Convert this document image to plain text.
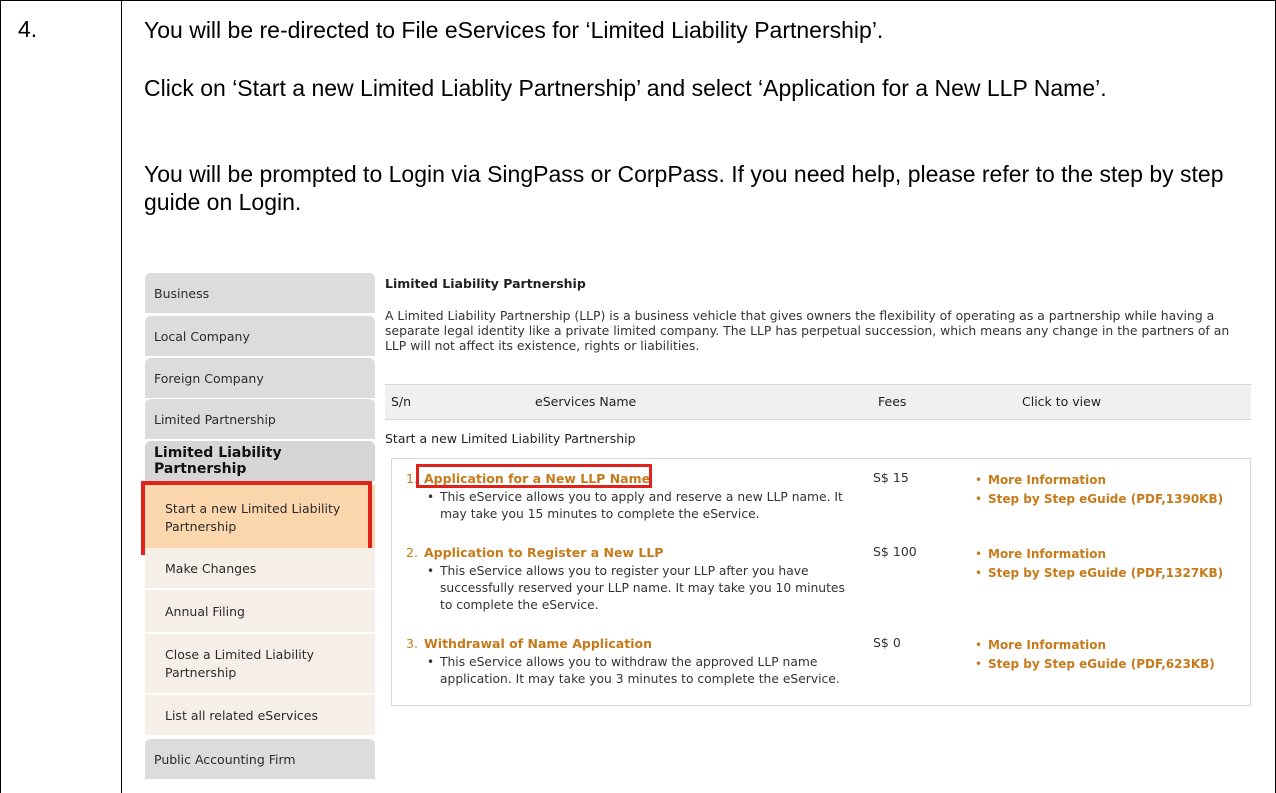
4.	You will be re-directed to File eServices for ‘Limited Liability Partnership’.
Click on ‘Start a new Limited Liablity Partnership’ and select ‘Application for a New LLP Name’.
You will be prompted to Login via SingPass or CorpPass. If you need help, please refer to the step by step guide on Login.
Business
Local Company
Foreign Company
Limited Partnership
Limited Liability Partnership
Start a new Limited Liability Partnership
Make Changes
Annual Filing
Close a Limited Liability Partnership
List all related eServices
Public Accounting Firm
Limited Liability Partnership
A Limited Liability Partnership (LLP) is a business vehicle that gives owners the flexibility of operating as a partnership while having a separate legal identity like a private limited company. The LLP has perpetual succession, which means any change in the partners of an LLP will not affect its existence, rights or liabilities.
S/n	eServices Name	Fees	Click to view
Start a new Limited Liability Partnership
1. Application for a New LLP Name
• This eService allows you to apply and reserve a new LLP name. It may take you 15 minutes to complete the eService.
S$ 15	• More Information
• Step by Step eGuide (PDF,1390KB)
2. Application to Register a New LLP
• This eService allows you to register your LLP after you have successfully reserved your LLP name. It may take you 10 minutes to complete the eService.
S$ 100	• More Information
• Step by Step eGuide (PDF,1327KB)
3. Withdrawal of Name Application
• This eService allows you to withdraw the approved LLP name application. It may take you 3 minutes to complete the eService.
S$ 0	• More Information
• Step by Step eGuide (PDF,623KB)
